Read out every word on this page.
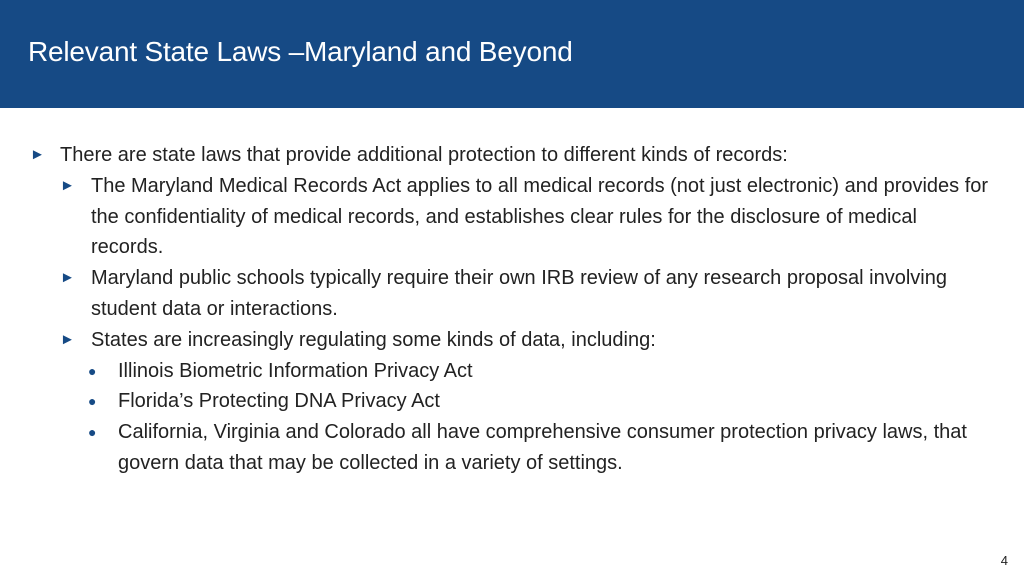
Relevant State Laws –Maryland and Beyond
► There are state laws that provide additional protection to different kinds of records:
► The Maryland Medical Records Act applies to all medical records (not just electronic) and provides for the confidentiality of medical records, and establishes clear rules for the disclosure of medical records.
► Maryland public schools typically require their own IRB review of any research proposal involving student data or interactions.
► States are increasingly regulating some kinds of data, including:
● Illinois Biometric Information Privacy Act
● Florida’s Protecting DNA Privacy Act
● California, Virginia and Colorado all have comprehensive consumer protection privacy laws, that govern data that may be collected in a variety of settings.
4
